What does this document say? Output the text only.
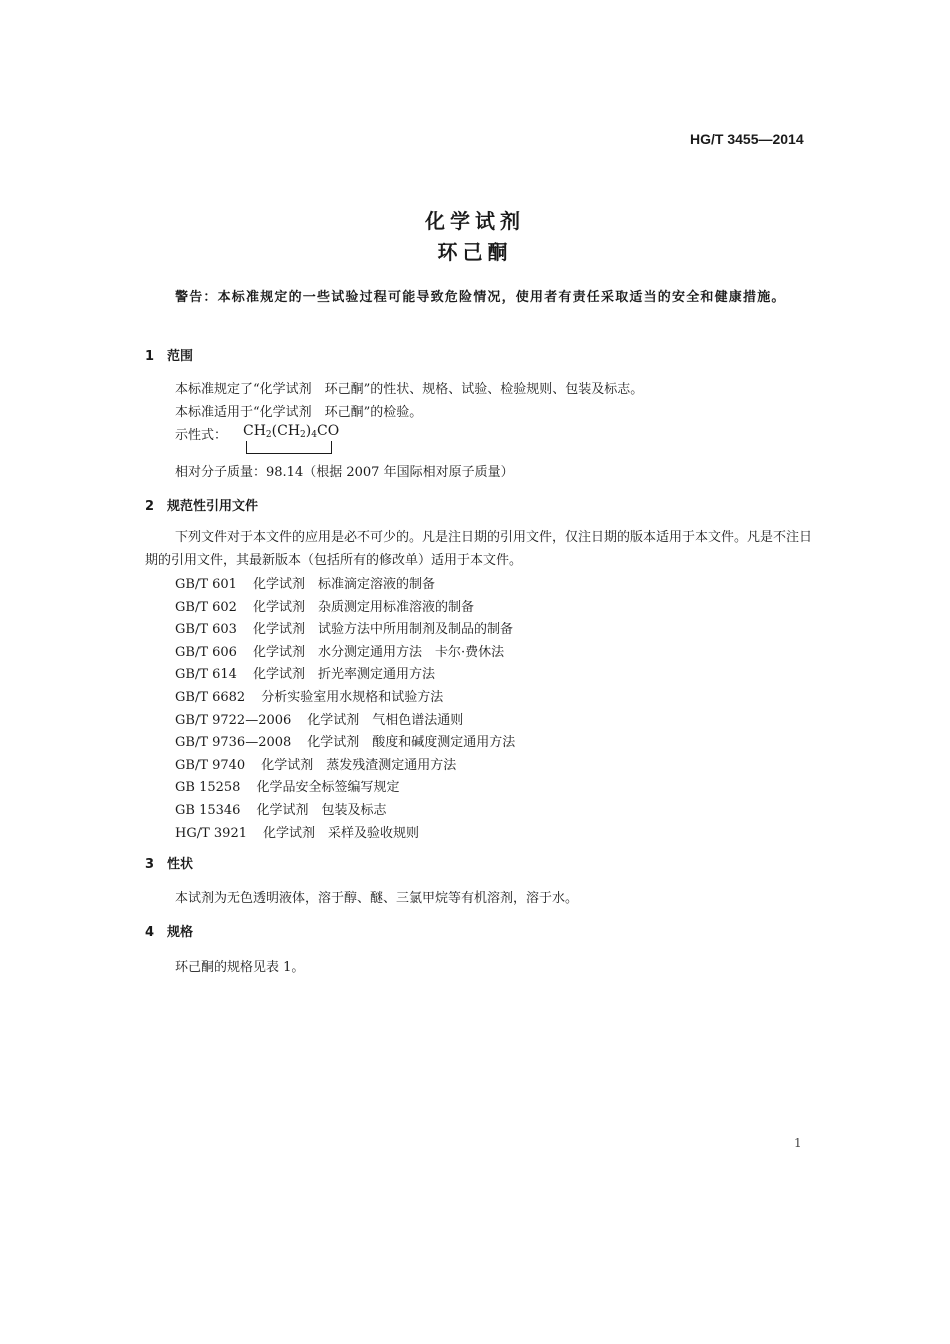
HG/T 3455—2014
化学试剂
环己酮
警告：本标准规定的一些试验过程可能导致危险情况，使用者有责任采取适当的安全和健康措施。
1 范围
本标准规定了“化学试剂　环己酮”的性状、规格、试验、检验规则、包装及标志。
本标准适用于“化学试剂　环己酮”的检验。
示性式： $CH_2(CH_2)_4CO$
相对分子质量：98.14（根据 2007 年国际相对原子质量）
2 规范性引用文件
下列文件对于本文件的应用是必不可少的。凡是注日期的引用文件，仅注日期的版本适用于本文件。凡是不注日期的引用文件，其最新版本（包括所有的修改单）适用于本文件。
GB/T 601 化学试剂　标准滴定溶液的制备
GB/T 602 化学试剂　杂质测定用标准溶液的制备
GB/T 603 化学试剂　试验方法中所用制剂及制品的制备
GB/T 606 化学试剂　水分测定通用方法　卡尔·费休法
GB/T 614 化学试剂　折光率测定通用方法
GB/T 6682 分析实验室用水规格和试验方法
GB/T 9722—2006 化学试剂　气相色谱法通则
GB/T 9736—2008 化学试剂　酸度和碱度测定通用方法
GB/T 9740 化学试剂　蒸发残渣测定通用方法
GB 15258 化学品安全标签编写规定
GB 15346 化学试剂　包装及标志
HG/T 3921 化学试剂　采样及验收规则
3 性状
本试剂为无色透明液体，溶于醇、醚、三氯甲烷等有机溶剂，溶于水。
4 规格
环己酮的规格见表 1。
1
